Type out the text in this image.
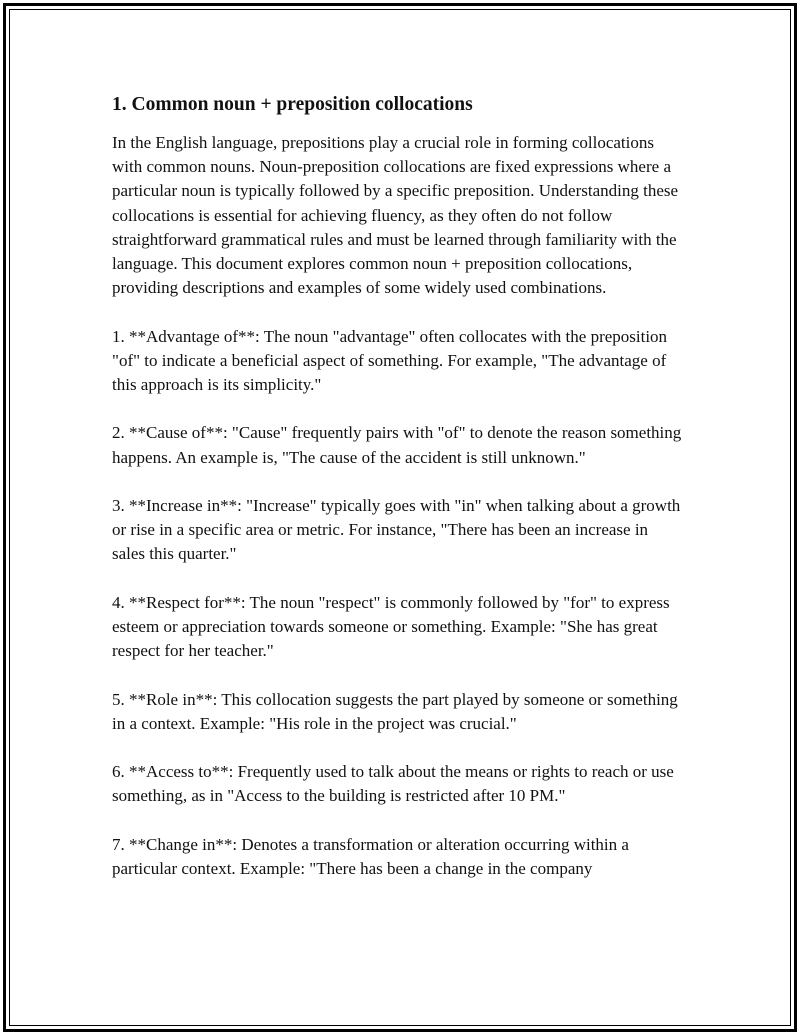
1. Common noun + preposition collocations

In the English language, prepositions play a crucial role in forming collocations with common nouns. Noun-preposition collocations are fixed expressions where a particular noun is typically followed by a specific preposition. Understanding these collocations is essential for achieving fluency, as they often do not follow straightforward grammatical rules and must be learned through familiarity with the language. This document explores common noun + preposition collocations, providing descriptions and examples of some widely used combinations.

1. **Advantage of**: The noun "advantage" often collocates with the preposition "of" to indicate a beneficial aspect of something. For example, "The advantage of this approach is its simplicity."

2. **Cause of**: "Cause" frequently pairs with "of" to denote the reason something happens. An example is, "The cause of the accident is still unknown."

3. **Increase in**: "Increase" typically goes with "in" when talking about a growth or rise in a specific area or metric. For instance, "There has been an increase in sales this quarter."

4. **Respect for**: The noun "respect" is commonly followed by "for" to express esteem or appreciation towards someone or something. Example: "She has great respect for her teacher."

5. **Role in**: This collocation suggests the part played by someone or something in a context. Example: "His role in the project was crucial."

6. **Access to**: Frequently used to talk about the means or rights to reach or use something, as in "Access to the building is restricted after 10 PM."

7. **Change in**: Denotes a transformation or alteration occurring within a particular context. Example: "There has been a change in the company
